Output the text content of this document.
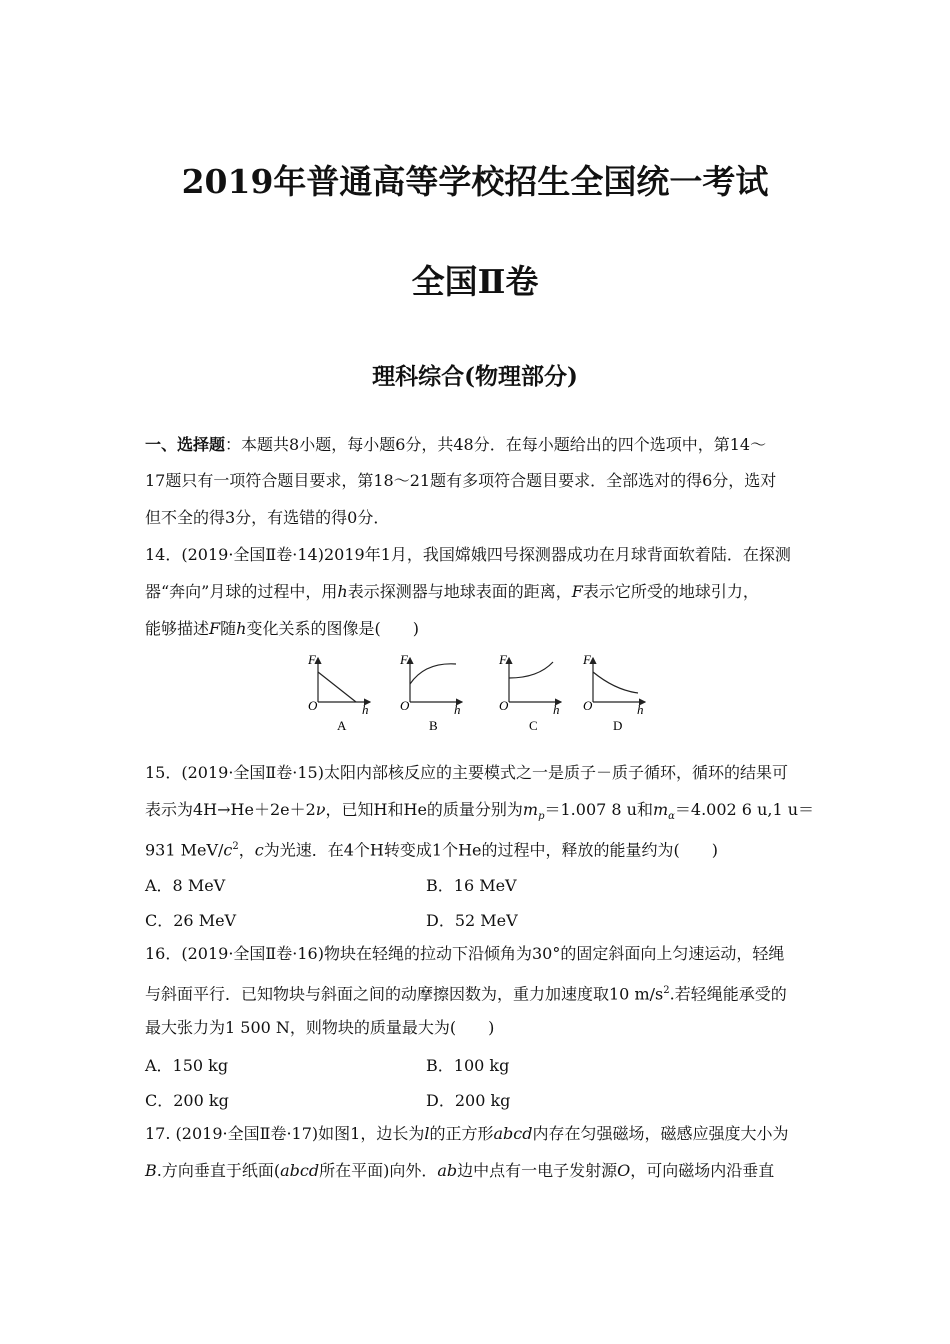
2019年普通高等学校招生全国统一考试
全国Ⅱ卷
理科综合(物理部分)
一、选择题：本题共8小题，每小题6分，共48分．在每小题给出的四个选项中，第14～
17题只有一项符合题目要求，第18～21题有多项符合题目要求．全部选对的得6分，选对
但不全的得3分，有选错的得0分．
14．(2019·全国Ⅱ卷·14)2019年1月，我国嫦娥四号探测器成功在月球背面软着陆．在探测
器“奔向”月球的过程中，用h表示探测器与地球表面的距离，F表示它所受的地球引力，
能够描述F随h变化关系的图像是(　　)
F
O	h
A
F
O	h
B
F
O	h
C
F
O	h
D
15．(2019·全国Ⅱ卷·15)太阳内部核反应的主要模式之一是质子－质子循环，循环的结果可
表示为4H→He＋2e＋2ν，已知H和He的质量分别为$m_p=1.007$ 8 u和$m_\alpha=4.002$ 6 u,1 u＝
931 MeV/$c^2$，c为光速．在4个H转变成1个He的过程中，释放的能量约为(　　)
A．8 MeV	B．16 MeV
C．26 MeV	D．52 MeV
16．(2019·全国Ⅱ卷·16)物块在轻绳的拉动下沿倾角为30°的固定斜面向上匀速运动，轻绳
与斜面平行．已知物块与斜面之间的动摩擦因数为，重力加速度取10 $m/s^2$.若轻绳能承受的
最大张力为1 500 N，则物块的质量最大为(　　)
A．150 kg	B．100 kg
C．200 kg	D．200 kg
17. (2019·全国Ⅱ卷·17)如图1，边长为l的正方形abcd内存在匀强磁场，磁感应强度大小为
B.方向垂直于纸面(abcd所在平面)向外．ab边中点有一电子发射源O，可向磁场内沿垂直
